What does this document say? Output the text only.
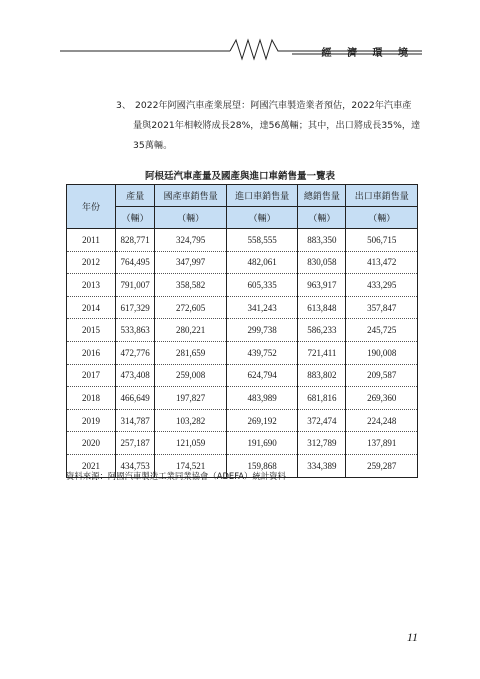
經 濟 環 境
3、 2022年阿國汽車產業展望：阿國汽車製造業者預估，2022年汽車產
量與2021年相較將成長28%，達56萬輛；其中，出口將成長35%，達
35萬輛。
阿根廷汽車產量及國產與進口車銷售量一覽表
年份	產量	國產車銷售量	進口車銷售量	總銷售量	出口車銷售量
	（輛）	（輛）	（輛）	（輛）	（輛）
2011	828,771	324,795	558,555	883,350	506,715
2012	764,495	347,997	482,061	830,058	413,472
2013	791,007	358,582	605,335	963,917	433,295
2014	617,329	272,605	341,243	613,848	357,847
2015	533,863	280,221	299,738	586,233	245,725
2016	472,776	281,659	439,752	721,411	190,008
2017	473,408	259,008	624,794	883,802	209,587
2018	466,649	197,827	483,989	681,816	269,360
2019	314,787	103,282	269,192	372,474	224,248
2020	257,187	121,059	191,690	312,789	137,891
2021	434,753	174,521	159,868	334,389	259,287
資料來源：阿國汽車製造工業同業協會（ADEFA）統計資料
11
